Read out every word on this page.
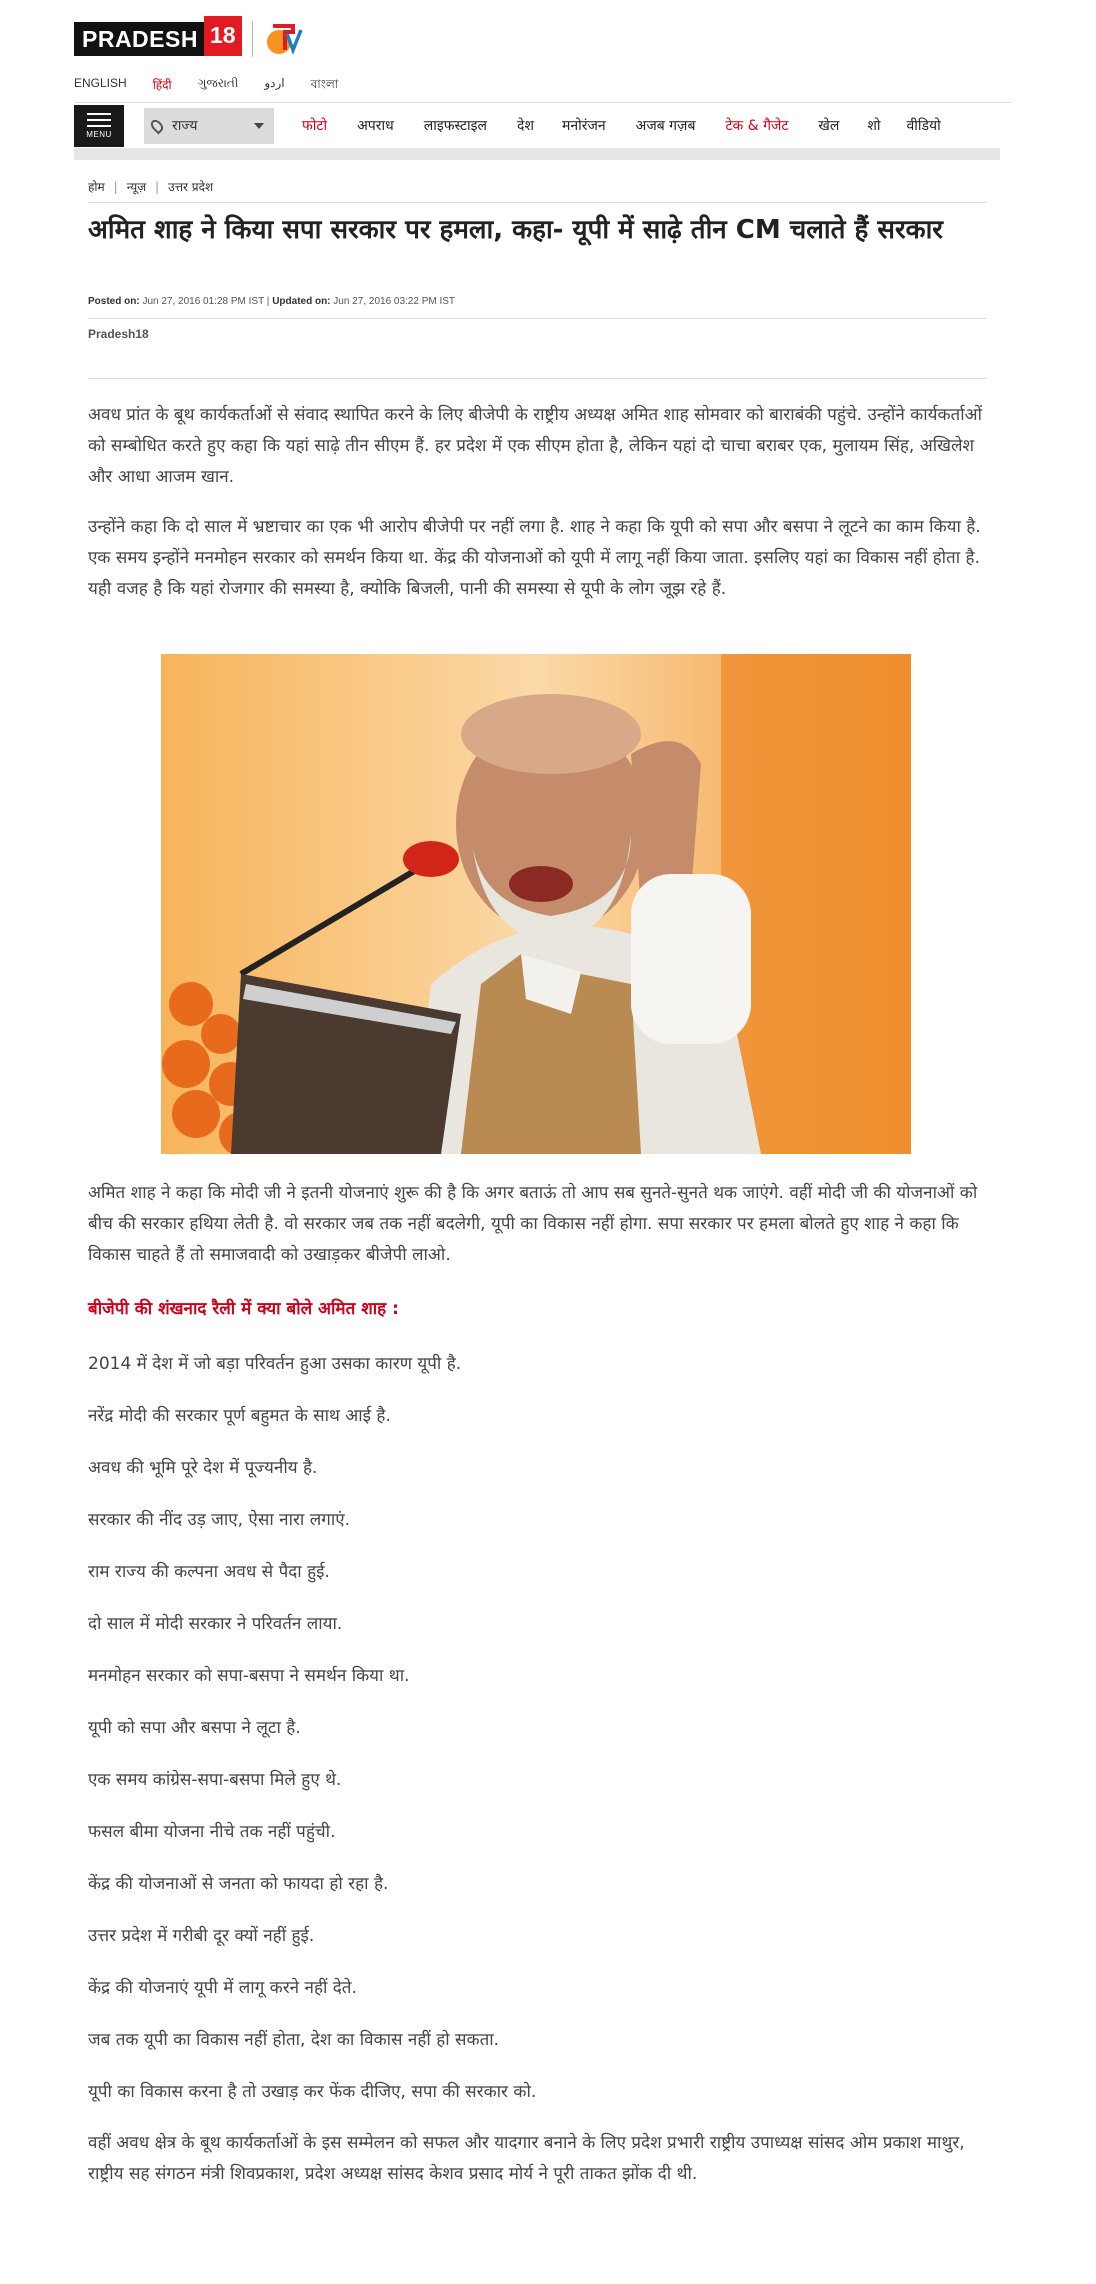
PRADESH 18
ENGLISH हिंदी ગુજરાતી اردو বাংলা
MENU	राज्य	फोटो अपराध लाइफस्टाइल देश मनोरंजन अजब गज़ब टेक & गैजेट खेल शो वीडियो
होम | न्यूज़ | उत्तर प्रदेश
अमित शाह ने किया सपा सरकार पर हमला, कहा- यूपी में साढ़े तीन CM चलाते हैं सरकार
Posted on: Jun 27, 2016 01:28 PM IST | Updated on: Jun 27, 2016 03:22 PM IST
Pradesh18

अवध प्रांत के बूथ कार्यकर्ताओं से संवाद स्थापित करने के लिए बीजेपी के राष्ट्रीय अध्यक्ष अमित शाह सोमवार को बाराबंकी पहुंचे. उन्होंने कार्यकर्ताओं को सम्बोधित करते हुए कहा कि यहां साढ़े तीन सीएम हैं. हर प्रदेश में एक सीएम होता है, लेकिन यहां दो चाचा बराबर एक, मुलायम सिंह, अखिलेश और आधा आजम खान.

उन्होंने कहा कि दो साल में भ्रष्टाचार का एक भी आरोप बीजेपी पर नहीं लगा है. शाह ने कहा कि यूपी को सपा और बसपा ने लूटने का काम किया है. एक समय इन्होंने मनमोहन सरकार को समर्थन किया था. केंद्र की योजनाओं को यूपी में लागू नहीं किया जाता. इसलिए यहां का विकास नहीं होता है. यही वजह है कि यहां रोजगार की समस्या है, क्योकि बिजली, पानी की समस्या से यूपी के लोग जूझ रहे हैं.

अमित शाह ने कहा कि मोदी जी ने इतनी योजनाएं शुरू की है कि अगर बताऊं तो आप सब सुनते-सुनते थक जाएंगे. वहीं मोदी जी की योजनाओं को बीच की सरकार हथिया लेती है. वो सरकार जब तक नहीं बदलेगी, यूपी का विकास नहीं होगा. सपा सरकार पर हमला बोलते हुए शाह ने कहा कि विकास चाहते हैं तो समाजवादी को उखाड़कर बीजेपी लाओ.

बीजेपी की शंखनाद रैली में क्या बोले अमित शाह :
2014 में देश में जो बड़ा परिवर्तन हुआ उसका कारण यूपी है.
नरेंद्र मोदी की सरकार पूर्ण बहुमत के साथ आई है.
अवध की भूमि पूरे देश में पूज्यनीय है.
सरकार की नींद उड़ जाए, ऐसा नारा लगाएं.
राम राज्य की कल्पना अवध से पैदा हुई.
दो साल में मोदी सरकार ने परिवर्तन लाया.
मनमोहन सरकार को सपा-बसपा ने समर्थन किया था.
यूपी को सपा और बसपा ने लूटा है.
एक समय कांग्रेस-सपा-बसपा मिले हुए थे.
फसल बीमा योजना नीचे तक नहीं पहुंची.
केंद्र की योजनाओं से जनता को फायदा हो रहा है.
उत्तर प्रदेश में गरीबी दूर क्यों नहीं हुई.
केंद्र की योजनाएं यूपी में लागू करने नहीं देते.
जब तक यूपी का विकास नहीं होता, देश का विकास नहीं हो सकता.
यूपी का विकास करना है तो उखाड़ कर फेंक दीजिए, सपा की सरकार को.

वहीं अवध क्षेत्र के बूथ कार्यकर्ताओं के इस सम्मेलन को सफल और यादगार बनाने के लिए प्रदेश प्रभारी राष्ट्रीय उपाध्यक्ष सांसद ओम प्रकाश माथुर, राष्ट्रीय सह संगठन मंत्री शिवप्रकाश, प्रदेश अध्यक्ष सांसद केशव प्रसाद मोर्य ने पूरी ताकत झोंक दी थी.
